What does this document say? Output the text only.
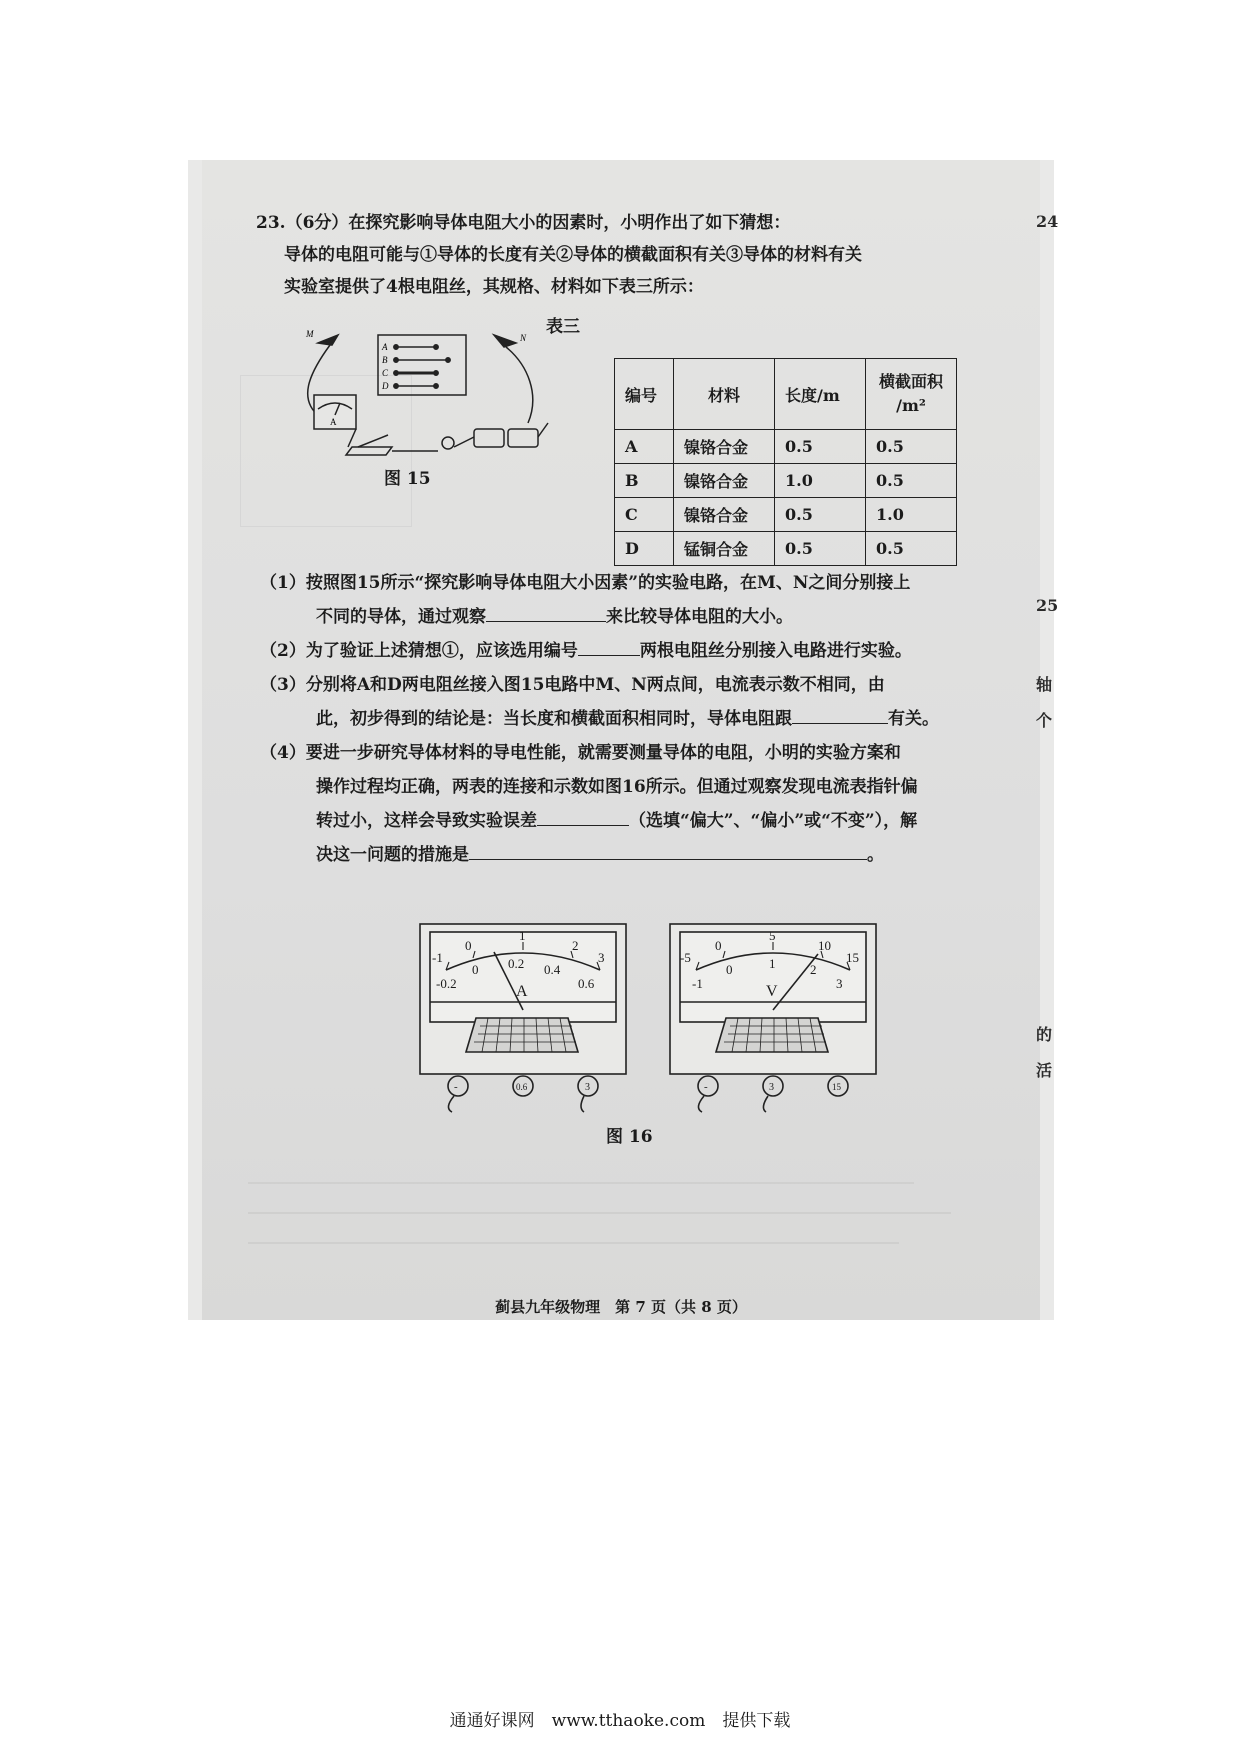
23.（6分）在探究影响导体电阻大小的因素时，小明作出了如下猜想：
导体的电阻可能与①导体的长度有关②导体的横截面积有关③导体的材料有关
实验室提供了4根电阻丝，其规格、材料如下表三所示：
A
B
C
D
M	N
A
图 15
表三
编号	材料	长度/m	横截面积
/m²
A	镍铬合金	0.5	0.5
B	镍铬合金	1.0	0.5
C	镍铬合金	0.5	1.0
D	锰铜合金	0.5	0.5
（1）按照图15所示“探究影响导体电阻大小因素”的实验电路，在M、N之间分别接上
不同的导体，通过观察	来比较导体电阻的大小。
（2）为了验证上述猜想①，应该选用编号	两根电阻丝分别接入电路进行实验。
（3）分别将A和D两电阻丝接入图15电路中M、N两点间，电流表示数不相同，由
此，初步得到的结论是：当长度和横截面积相同时，导体电阻跟	有关。
（4）要进一步研究导体材料的导电性能，就需要测量导体的电阻，小明的实验方案和
操作过程均正确，两表的连接和示数如图16所示。但通过观察发现电流表指针偏
转过小，这样会导致实验误差	（选填“偏大”、“偏小”或“不变”），解
决这一问题的措施是	。
-1
0
1
2
3
-0.2
0 0.2 0.4
0.6
A
-	0.6	3
-5
0
5
10
15
-1
0	1	2
3
V
-	3	15
图 16
24
25
轴
个
的
活
蓟县九年级物理　第 7 页（共 8 页）
通通好课网　www.tthaoke.com　提供下载
